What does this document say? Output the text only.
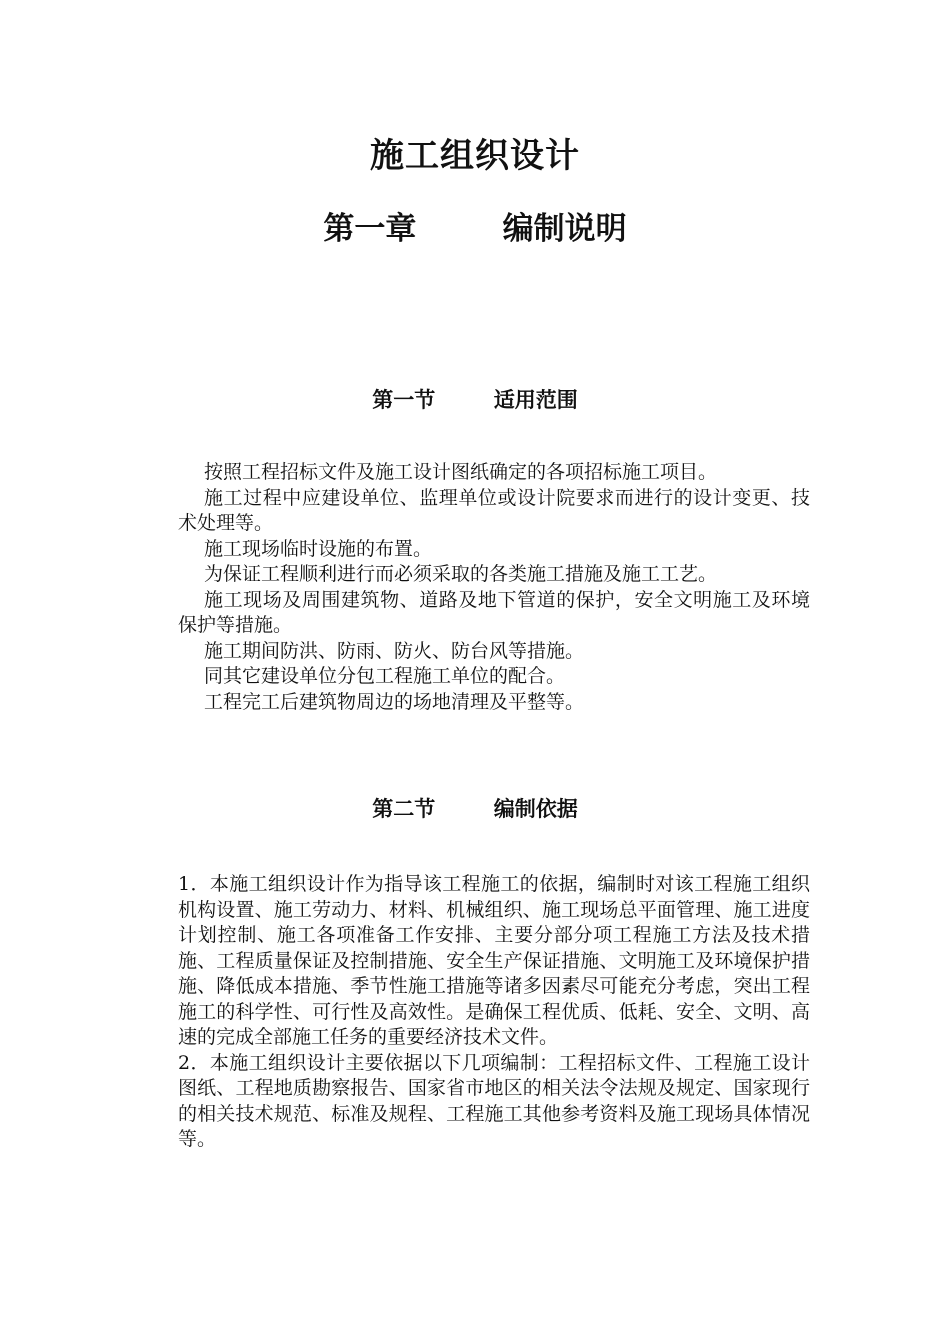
施工组织设计
第一章        编制说明
第一节        适用范围

按照工程招标文件及施工设计图纸确定的各项招标施工项目。

施工过程中应建设单位、监理单位或设计院要求而进行的设计变更、技术处理等。

施工现场临时设施的布置。

为保证工程顺利进行而必须采取的各类施工措施及施工工艺。

施工现场及周围建筑物、道路及地下管道的保护，安全文明施工及环境保护等措施。

施工期间防洪、防雨、防火、防台风等措施。

同其它建设单位分包工程施工单位的配合。

工程完工后建筑物周边的场地清理及平整等。

第二节        编制依据

1．本施工组织设计作为指导该工程施工的依据，编制时对该工程施工组织机构设置、施工劳动力、材料、机械组织、施工现场总平面管理、施工进度计划控制、施工各项准备工作安排、主要分部分项工程施工方法及技术措施、工程质量保证及控制措施、安全生产保证措施、文明施工及环境保护措施、降低成本措施、季节性施工措施等诸多因素尽可能充分考虑，突出工程施工的科学性、可行性及高效性。是确保工程优质、低耗、安全、文明、高速的完成全部施工任务的重要经济技术文件。

2．本施工组织设计主要依据以下几项编制：工程招标文件、工程施工设计图纸、工程地质勘察报告、国家省市地区的相关法令法规及规定、国家现行的相关技术规范、标准及规程、工程施工其他参考资料及施工现场具体情况等。
